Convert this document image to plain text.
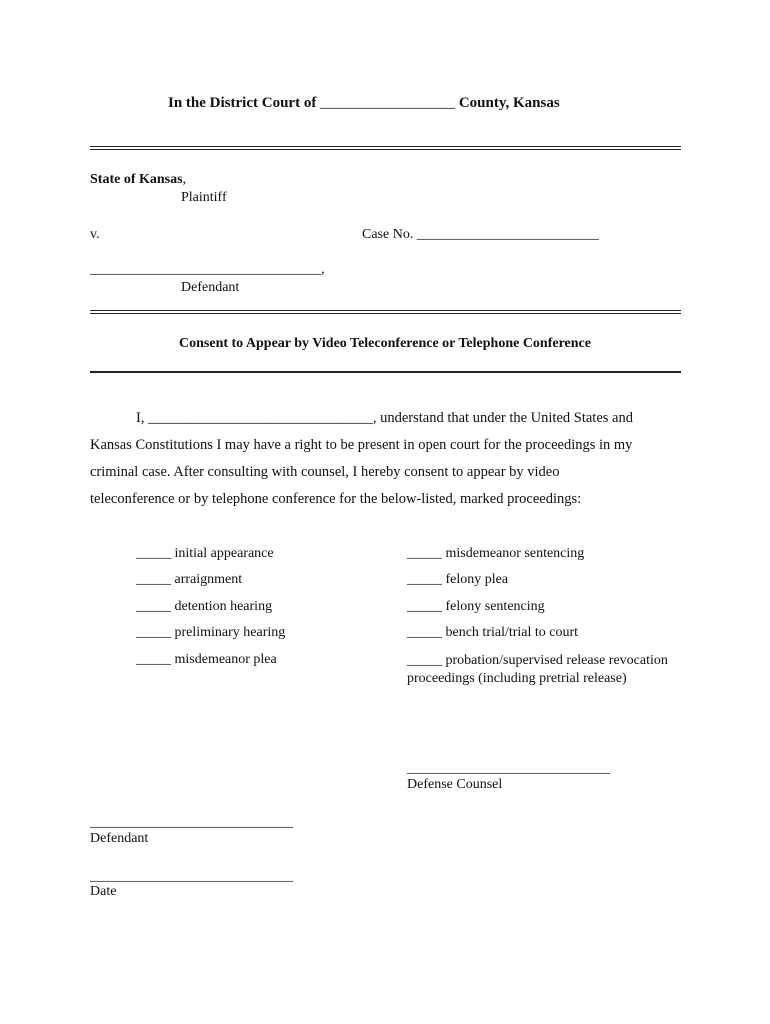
In the District Court of __________________ County, Kansas
State of Kansas,
Plaintiff
v.	Case No. __________________________
_________________________________,
Defendant
Consent to Appear by Video Teleconference or Telephone Conference
I, _______________________________, understand that under the United States and
Kansas Constitutions I may have a right to be present in open court for the proceedings in my
criminal case. After consulting with counsel, I hereby consent to appear by video
teleconference or by telephone conference for the below-listed, marked proceedings:
_____ initial appearance
_____ arraignment
_____ detention hearing
_____ preliminary hearing
_____ misdemeanor plea
_____ misdemeanor sentencing
_____ felony plea
_____ felony sentencing
_____ bench trial/trial to court
_____ probation/supervised release revocation proceedings (including pretrial release)
_____________________________
Defense Counsel
_____________________________
Defendant
_____________________________
Date
